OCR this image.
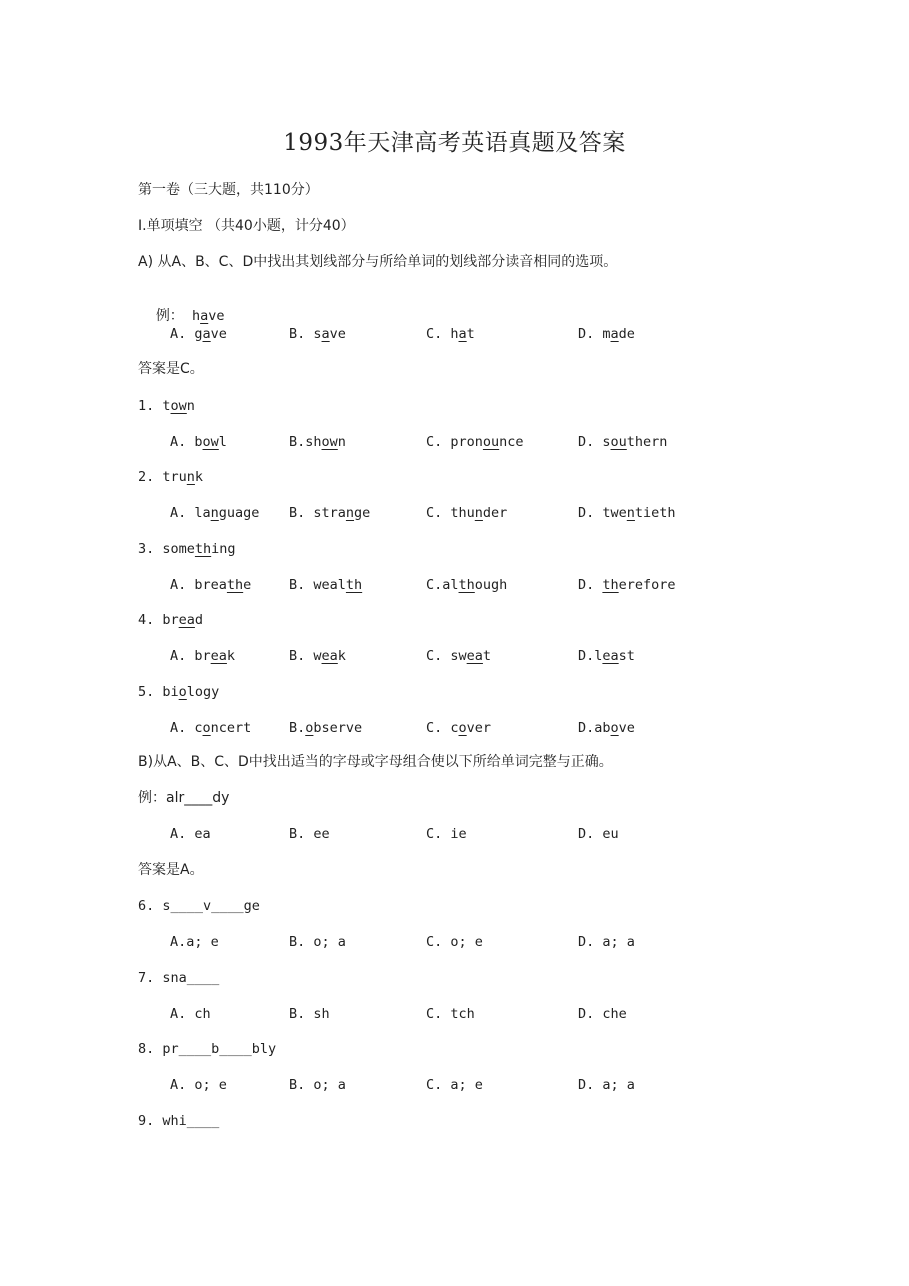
1993年天津高考英语真题及答案
第一卷（三大题，共110分）
Ⅰ.单项填空 （共40小题，计分40）
A) 从A、B、C、D中找出其划线部分与所给单词的划线部分读音相同的选项。

例： have

A. gave	B. save	C. hat	D. made
答案是C。
1. town
A. bowl	B.shown	C. pronounce	D. southern
2. trunk
A. language B. strange	C. thunder	D. twentieth
3. something
A. breathe	B. wealth	C.although	D. therefore
4. bread
A. break	B. weak	C. sweat	D.least
5. biology
A. concert	B.observe	C. cover	D.above
B)从A、B、C、D中找出适当的字母或字母组合使以下所给单词完整与正确。
例：alr____dy
A. ea	B. ee	C. ie	D. eu
答案是A。
6. s____v____ge
A.a; e	B. o; a	C. o; e	D. a; a
7. sna____
A. ch	B. sh	C. tch	D. che
8. pr____b____bly
A. o; e	B. o; a	C. a; e	D. a; a
9. whi____
